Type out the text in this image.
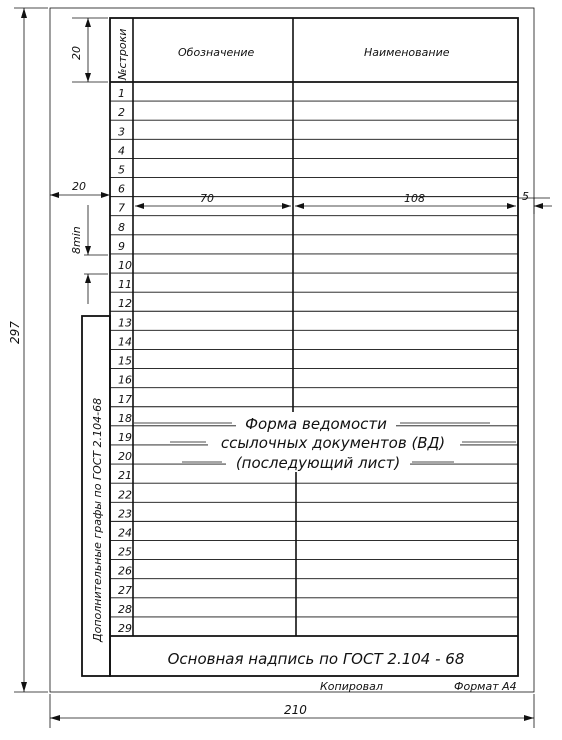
1
2
3
4
5
6
7
8
9
10
11
12
13
14
15
16
17
18
19
20
21
22
23
24
25
26
27
28
29
№строки	Обозначение	Наименование
20
20
8min
70	108	5
297
210
Форма ведомости
ссылочных документов (ВД)
(последующий лист)
Дополнительные графы по ГОСТ 2.104-68
Основная надпись по ГОСТ 2.104 - 68
Копировал	Формат A4
